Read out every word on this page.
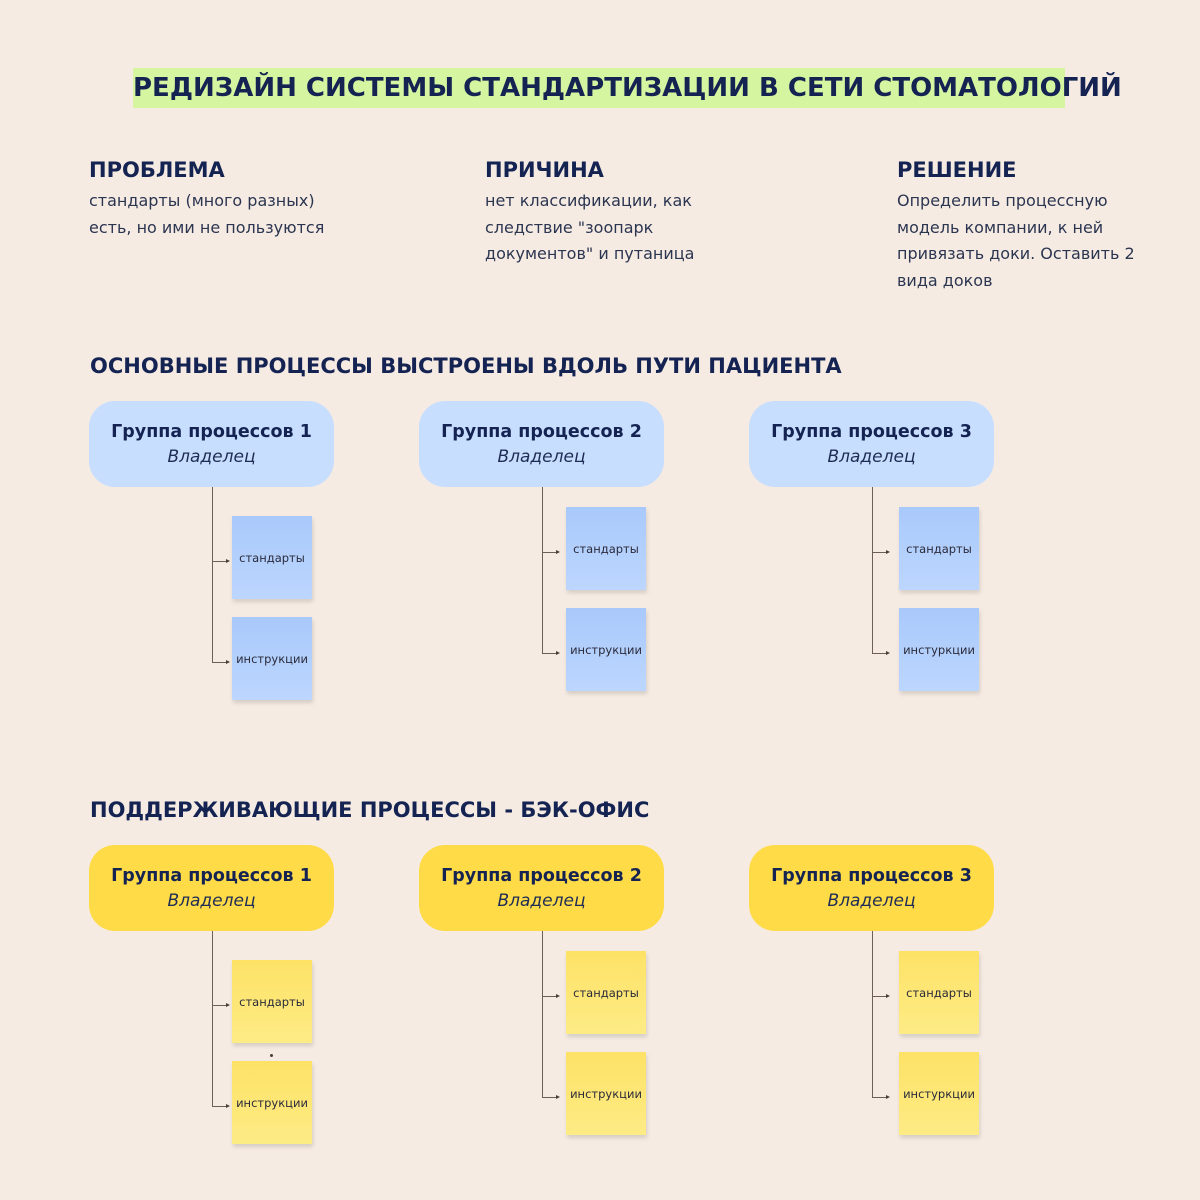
РЕДИЗАЙН СИСТЕМЫ СТАНДАРТИЗАЦИИ В СЕТИ СТОМАТОЛОГИЙ
ПРОБЛЕМА

стандарты (много разных)
есть, но ими не пользуются

ПРИЧИНА

нет классификации, как
следствие "зоопарк
документов" и путаница

РЕШЕНИЕ

Определить процессную
модель компании, к ней
привязать доки. Оставить 2
вида доков

ОСНОВНЫЕ ПРОЦЕССЫ ВЫСТРОЕНЫ ВДОЛЬ ПУТИ ПАЦИЕНТА
Группа процессов 1
Владелец
стандарты
инструкции
Группа процессов 2
Владелец
стандарты
инструкции
Группа процессов 3
Владелец
стандарты
инстуркции
ПОДДЕРЖИВАЮЩИЕ ПРОЦЕССЫ - БЭК-ОФИС
Группа процессов 1
Владелец
стандарты
инструкции
Группа процессов 2
Владелец
стандарты
инструкции
Группа процессов 3
Владелец
стандарты
инстуркции
